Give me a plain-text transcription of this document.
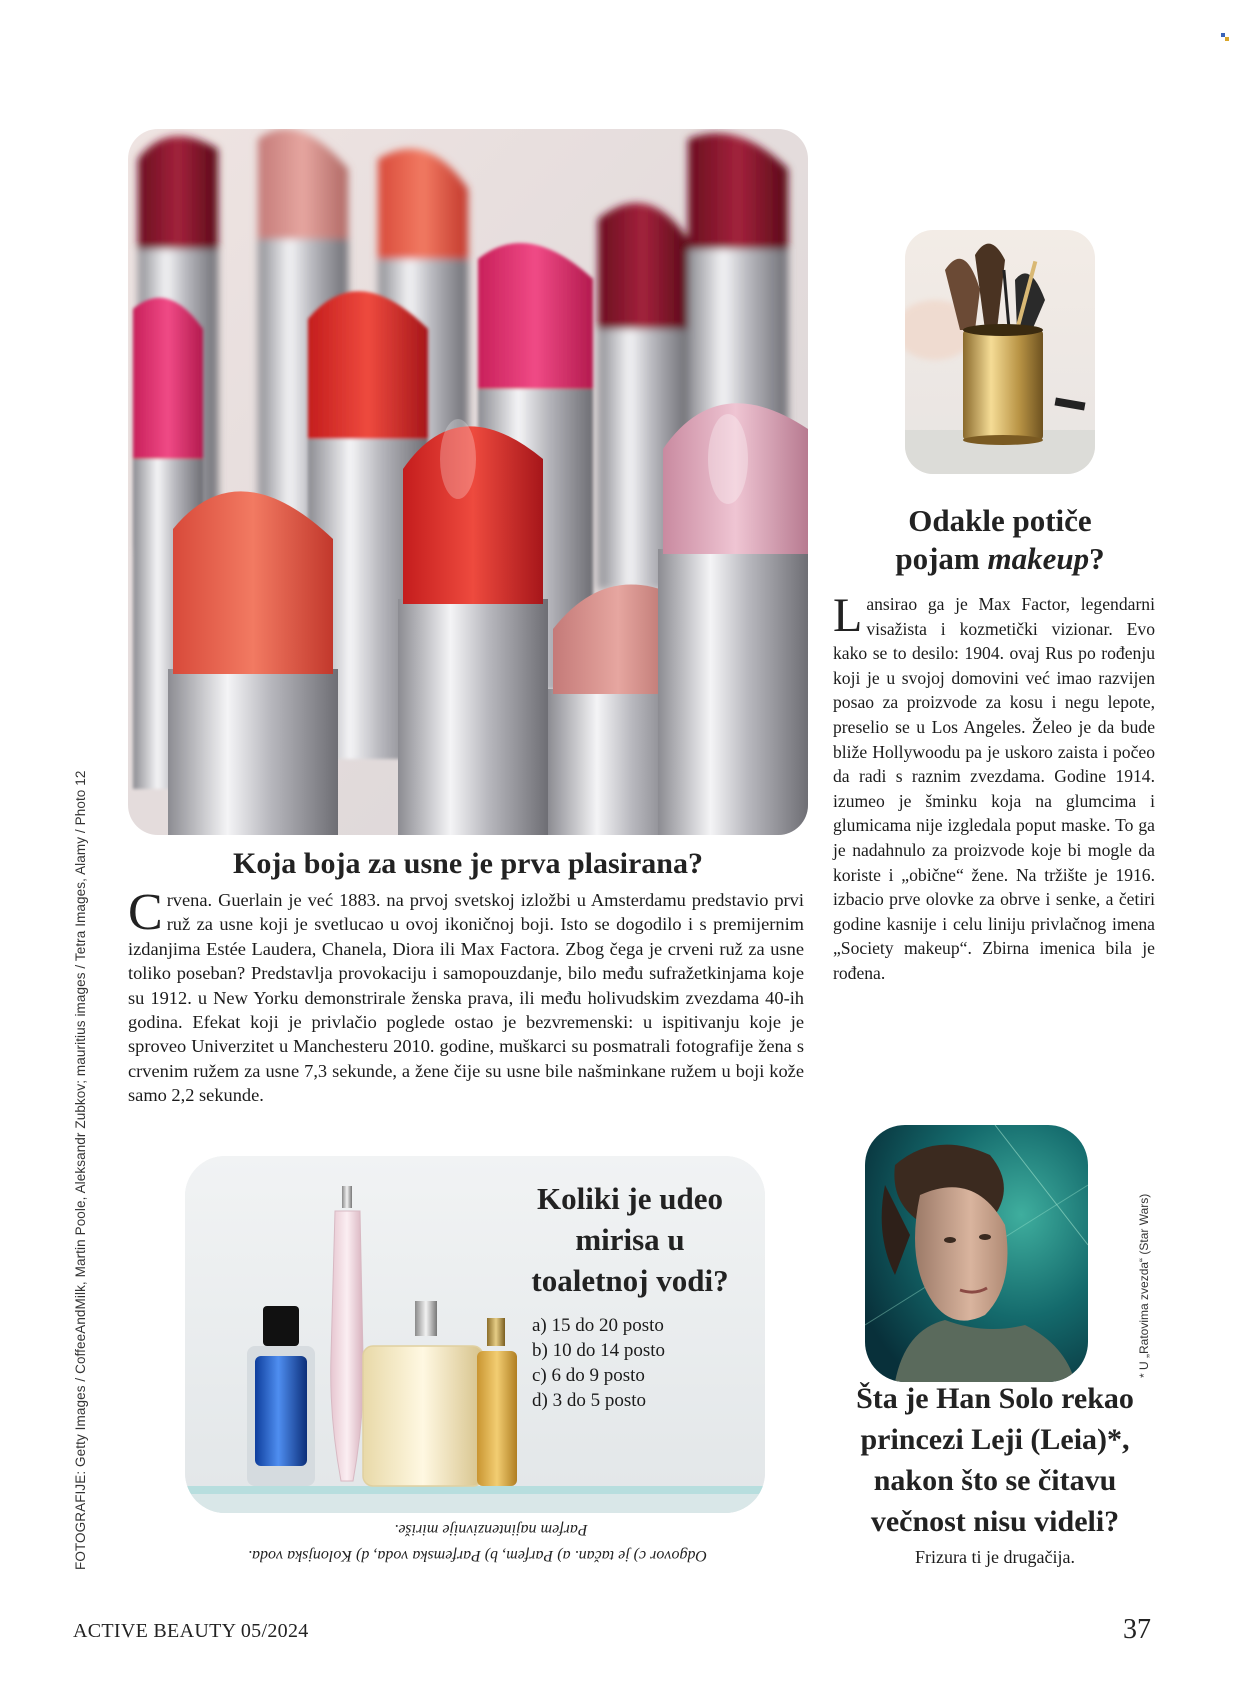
FOTOGRAFIJE: Getty Images / CoffeeAndMilk, Martin Poole, Aleksandr Zubkov; mauritius images / Tetra Images, Alamy / Photo 12	Koja boja za usne je prva plasirana?

Crvena. Guerlain je već 1883. na prvoj svetskoj izložbi u Amsterdamu predstavio prvi ruž za usne koji je svetlucao u ovoj ikoničnoj boji. Isto se dogodilo i s premijernim izdanjima Estée Laudera, Chanela, Diora ili Max Factora. Zbog čega je crveni ruž za usne toliko poseban? Predstavlja provokaciju i samopouzdanje, bilo među sufražetkinjama koje su 1912. u New Yorku demonstrirale ženska prava, ili među holivudskim zvezdama 40-ih godina. Efekat koji je privlačio poglede ostao je bezvremenski: u ispitivanju koje je sproveo Univerzitet u Manchesteru 2010. godine, muškarci su posmatrali fotografije žena s crvenim ružem za usne 7,3 sekunde, a žene čije su usne bile našminkane ružem u boji kože samo 2,2 sekunde.

Odakle potiče
pojam makeup?

Lansirao ga je Max Factor, legendarni visažista i kozmetički vizionar. Evo kako se to desilo: 1904. ovaj Rus po rođenju koji je u svojoj domovini već imao razvijen posao za proizvode za kosu i negu lepote, preselio se u Los Angeles. Želeo je da bude bliže Hollywoodu pa je uskoro zaista i počeo da radi s raznim zvezdama. Godine 1914. izumeo je šminku koja na glumcima i glumicama nije izgledala poput maske. To ga je nadahnulo za proizvode koje bi mogle da koriste i „obične“ žene. Na tržište je 1916. izbacio prve olovke za obrve i senke, a četiri godine kasnije i celu liniju privlačnog imena „Society makeup“. Zbirna imenica bila je rođena.

Koliki je udeo
mirisa u
toaletnoj vodi?
a) 15 do 20 posto
b) 10 do 14 posto
c) 6 do 9 posto
d) 3 do 5 posto
Parfem najintenzivnije miriše.
Odgovor c) je tačan. a) Parfem, b) Parfemska voda, d) Kolonjska voda.
* U „Ratovima zvezda“ (Star Wars)
Šta je Han Solo rekao
princezi Leji (Leia)*,
nakon što se čitavu
večnost nisu videli?
Frizura ti je drugačija.
ACTIVE BEAUTY 05/2024	37
